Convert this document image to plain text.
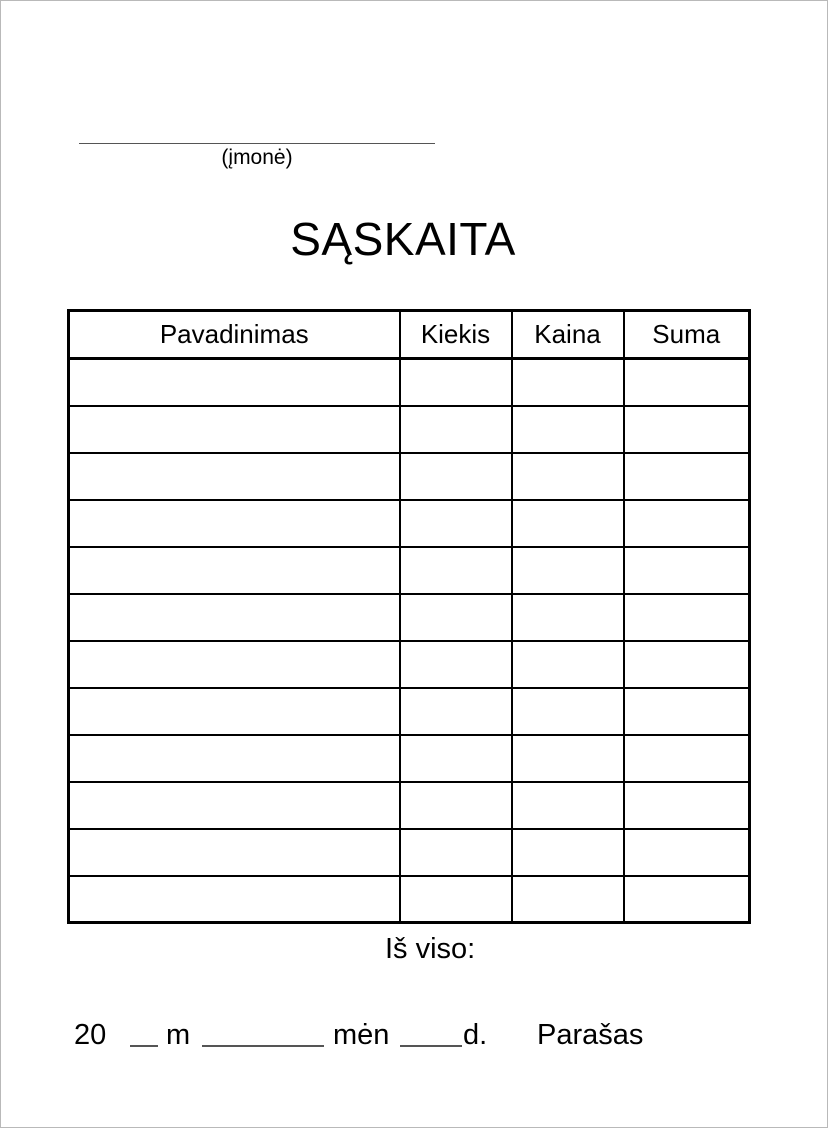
(įmonė)
SĄSKAITA
Pavadinimas	Kiekis	Kaina	Suma

Iš viso:
20 m	mėn	d. Parašas
